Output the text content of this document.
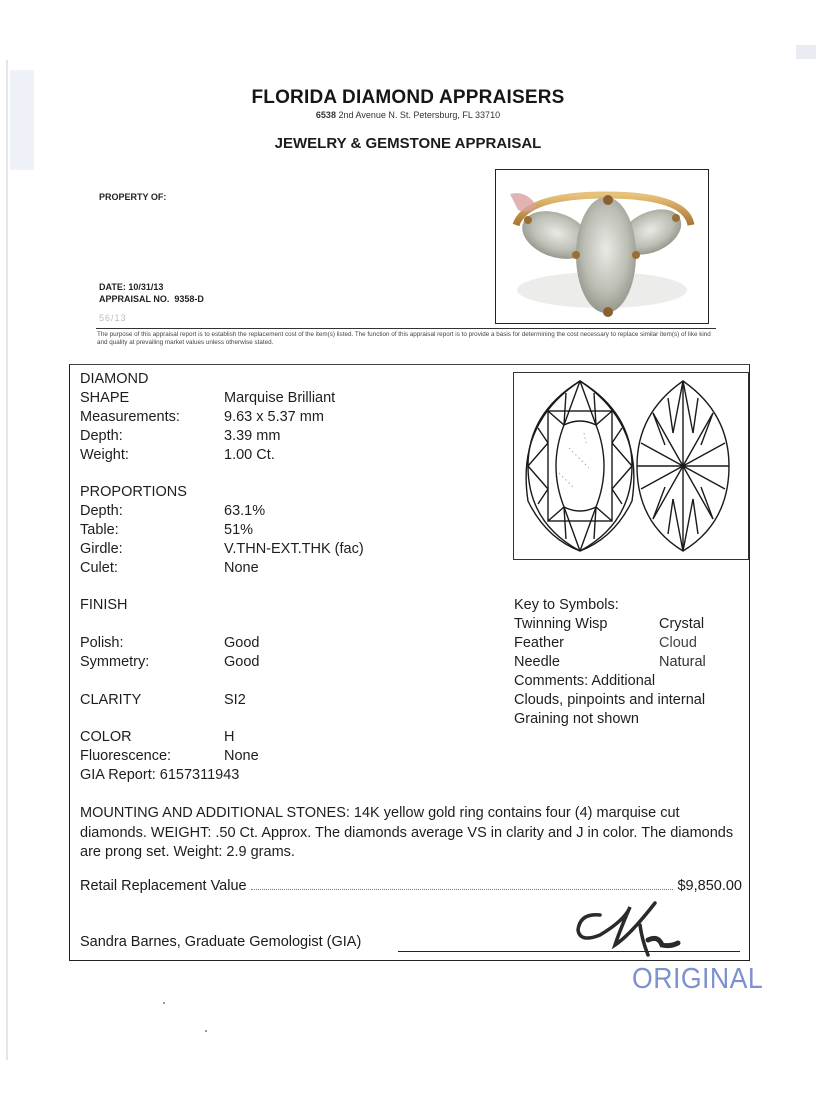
FLORIDA DIAMOND APPRAISERS
6538 2nd Avenue N. St. Petersburg, FL 33710
JEWELRY & GEMSTONE APPRAISAL
PROPERTY OF:
DATE: 10/31/13
APPRAISAL NO. 9358-D
56/13
The purpose of this appraisal report is to establish the replacement cost of the item(s) listed. The function of this appraisal report is to provide a basis for determining the cost necessary to replace similar item(s) of like kind and quality at prevailing market values unless otherwise stated.
DIAMOND
SHAPE	Marquise Brilliant
Measurements:	9.63 x 5.37 mm
Depth:	3.39 mm
Weight:	1.00 Ct.
PROPORTIONS
Depth:	63.1%
Table:	51%
Girdle:	V.THN-EXT.THK (fac)
Culet:	None
FINISH
Polish:	Good
Symmetry:	Good
CLARITY	SI2
COLOR	H
Fluorescence:	None
GIA Report: 6157311943
Key to Symbols:
Twinning Wisp	Crystal
Feather	Cloud
Needle	Natural
Comments: Additional
Clouds, pinpoints and internal
Graining not shown
MOUNTING AND ADDITIONAL STONES: 14K yellow gold ring contains four (4) marquise cut diamonds. WEIGHT: .50 Ct. Approx. The diamonds average VS in clarity and J in color. The diamonds are prong set. Weight: 2.9 grams.
Retail Replacement Value	$9,850.00
Sandra Barnes, Graduate Gemologist (GIA)
ORIGINAL
